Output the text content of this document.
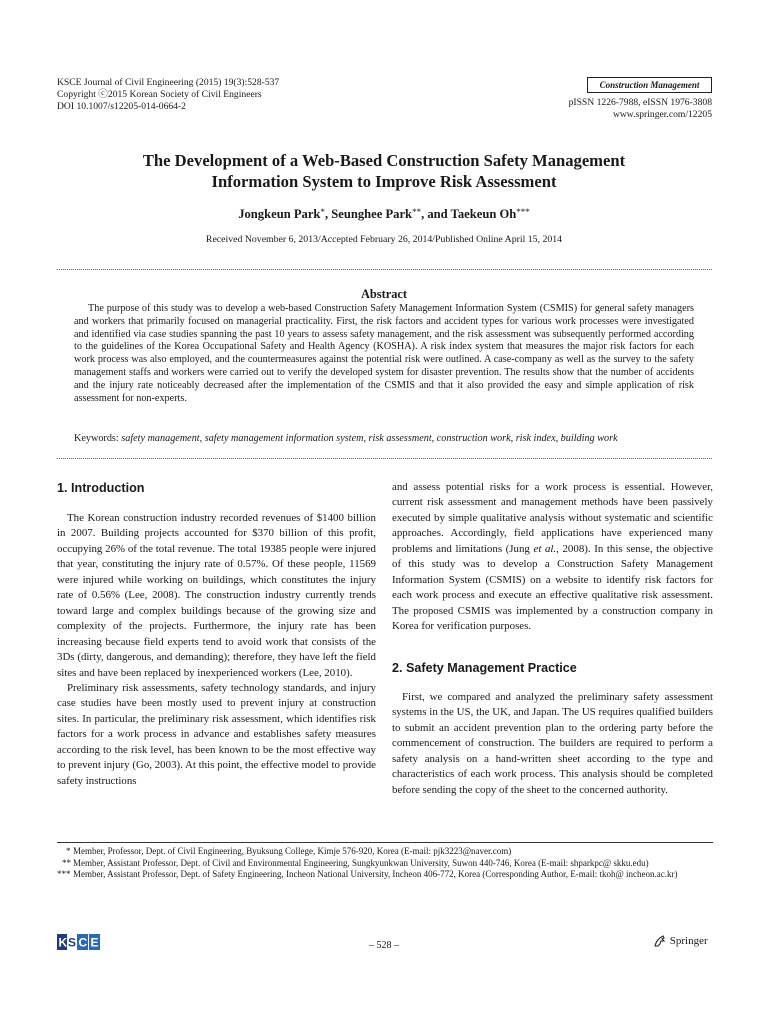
KSCE Journal of Civil Engineering (2015) 19(3):528-537
Copyright ⓒ2015 Korean Society of Civil Engineers
DOI 10.1007/s12205-014-0664-2
Construction Management
pISSN 1226-7988, eISSN 1976-3808
www.springer.com/12205
The Development of a Web-Based Construction Safety Management
Information System to Improve Risk Assessment
Jongkeun Park*, Seunghee Park**, and Taekeun Oh***
Received November 6, 2013/Accepted February 26, 2014/Published Online April 15, 2014
Abstract
The purpose of this study was to develop a web-based Construction Safety Management Information System (CSMIS) for general safety managers and workers that primarily focused on managerial practicality. First, the risk factors and accident types for various work processes were investigated and identified via case studies spanning the past 10 years to assess safety management, and the risk assessment was subsequently performed according to the guidelines of the Korea Occupational Safety and Health Agency (KOSHA). A risk index system that measures the major risk factors for each work process was also employed, and the countermeasures against the potential risk were outlined. A case-company as well as the survey to the safety management staffs and workers were carried out to verify the developed system for disaster prevention. The results show that the number of accidents and the injury rate noticeably decreased after the implementation of the CSMIS and that it also provided the easy and simple application of risk assessment for non-experts.
Keywords: safety management, safety management information system, risk assessment, construction work, risk index, building work
1. Introduction

The Korean construction industry recorded revenues of $1400 billion in 2007. Building projects accounted for $370 billion of this profit, occupying 26% of the total revenue. The total 19385 people were injured that year, constituting the injury rate of 0.57%. Of these people, 11569 were injured while working on buildings, which constitutes the injury rate of 0.56% (Lee, 2008). The construction industry currently trends toward large and complex buildings because of the growing size and complexity of the projects. Furthermore, the injury rate has been increasing because field experts tend to avoid work that consists of the 3Ds (dirty, dangerous, and demanding); therefore, they have left the field sites and have been replaced by inexperienced workers (Lee, 2010).

Preliminary risk assessments, safety technology standards, and injury case studies have been mostly used to prevent injury at construction sites. In particular, the preliminary risk assessment, which identifies risk factors for a work process in advance and establishes safety measures according to the risk level, has been known to be the most effective way to prevent injury (Go, 2003). At this point, the effective model to provide safety instructions

and assess potential risks for a work process is essential. However, current risk assessment and management methods have been passively executed by simple qualitative analysis without systematic and scientific approaches. Accordingly, field applications have experienced many problems and limitations (Jung et al., 2008). In this sense, the objective of this study was to develop a Construction Safety Management Information System (CSMIS) on a website to identify risk factors for each work process and execute an effective qualitative risk assessment. The proposed CSMIS was implemented by a construction company in Korea for verification purposes.

2. Safety Management Practice

First, we compared and analyzed the preliminary safety assessment systems in the US, the UK, and Japan. The US requires qualified builders to submit an accident prevention plan to the ordering party before the commencement of construction. The builders are required to perform a safety analysis on a hand-written sheet according to the type and characteristics of each work process. This analysis should be completed before sending the copy of the sheet to the concerned authority.

* Member, Professor, Dept. of Civil Engineering, Byuksung College, Kimje 576-920, Korea (E-mail: pjk3223@naver.com)
** Member, Assistant Professor, Dept. of Civil and Environmental Engineering, Sungkyunkwan University, Suwon 440-746, Korea (E-mail: shparkpc@ skku.edu)
*** Member, Assistant Professor, Dept. of Safety Engineering, Incheon National University, Incheon 406-772, Korea (Corresponding Author, E-mail: tkoh@ incheon.ac.kr)
K S C E	– 528 –	Springer
